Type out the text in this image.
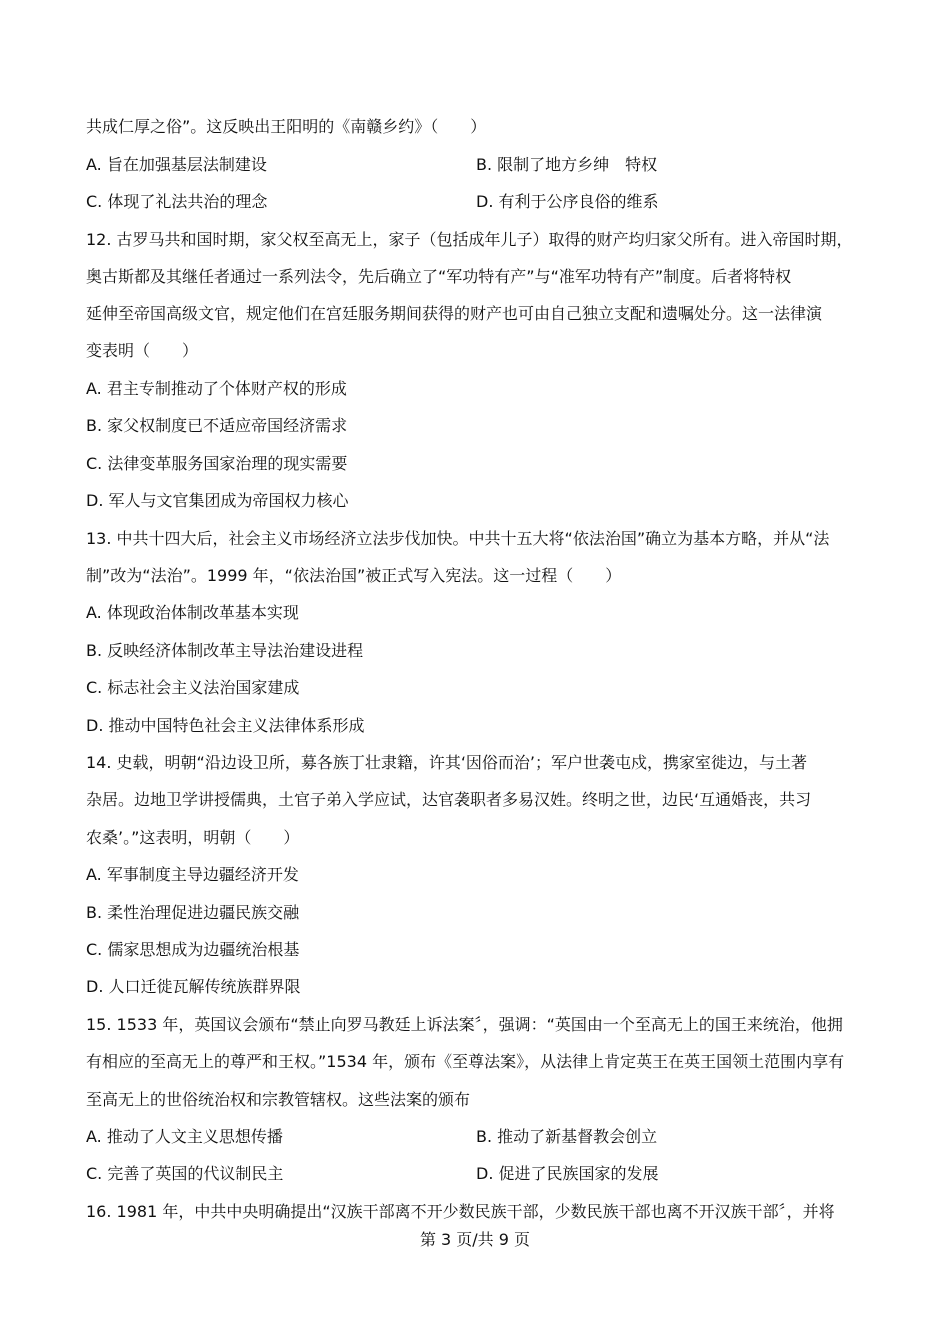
共成仁厚之俗”。这反映出王阳明的《南赣乡约》（　　）
A. 旨在加强基层法制建设	B. 限制了地方乡绅　特权
C. 体现了礼法共治的理念	D. 有利于公序良俗的维系
12. 古罗马共和国时期，家父权至高无上，家子（包括成年儿子）取得的财产均归家父所有。进入帝国时期，
奥古斯都及其继任者通过一系列法令，先后确立了“军功特有产”与“准军功特有产”制度。后者将特权
延伸至帝国高级文官，规定他们在宫廷服务期间获得的财产也可由自己独立支配和遗嘱处分。这一法律演
变表明（　　）
A. 君主专制推动了个体财产权的形成
B. 家父权制度已不适应帝国经济需求
C. 法律变革服务国家治理的现实需要
D. 军人与文官集团成为帝国权力核心
13. 中共十四大后，社会主义市场经济立法步伐加快。中共十五大将“依法治国”确立为基本方略，并从“法
制”改为“法治”。1999 年，“依法治国”被正式写入宪法。这一过程（　　）
A. 体现政治体制改革基本实现
B. 反映经济体制改革主导法治建设进程
C. 标志社会主义法治国家建成
D. 推动中国特色社会主义法律体系形成
14. 史载，明朝“沿边设卫所，募各族丁壮隶籍，许其‘因俗而治’；军户世袭屯戍，携家室徙边，与土著
杂居。边地卫学讲授儒典，土官子弟入学应试，达官袭职者多易汉姓。终明之世，边民‘互通婚丧，共习
农桑’。”这表明，明朝（　　）
A. 军事制度主导边疆经济开发
B. 柔性治理促进边疆民族交融
C. 儒家思想成为边疆统治根基
D. 人口迁徙瓦解传统族群界限
15. 1533 年，英国议会颁布“禁止向罗马教廷上诉法案〞，强调：“英国由一个至高无上的国王来统治，他拥
有相应的至高无上的尊严和王权。”1534 年，颁布《至尊法案》，从法律上肯定英王在英王国领土范围内享有
至高无上的世俗统治权和宗教管辖权。这些法案的颁布
A. 推动了人文主义思想传播	B. 推动了新基督教会创立
C. 完善了英国的代议制民主	D. 促进了民族国家的发展
16. 1981 年，中共中央明确提出“汉族干部离不开少数民族干部，少数民族干部也离不开汉族干部〞，并将
第 3 页/共 9 页
